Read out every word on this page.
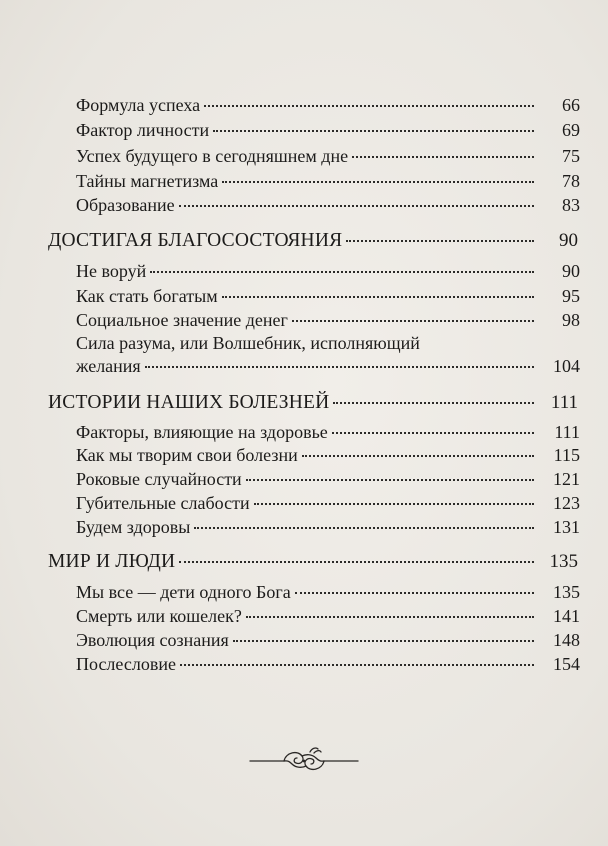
Формула успеха	66
Фактор личности	69
Успех будущего в сегодняшнем дне	75
Тайны магнетизма	78
Образование	83
ДОСТИГАЯ БЛАГОСОСТОЯНИЯ	90
Не воруй	90
Как стать богатым	95
Социальное значение денег	98
Сила разума, или Волшебник, исполняющий
желания	104
ИСТОРИИ НАШИХ БОЛЕЗНЕЙ	111
Факторы, влияющие на здоровье	111
Как мы творим свои болезни	115
Роковые случайности	121
Губительные слабости	123
Будем здоровы	131
МИР И ЛЮДИ	135
Мы все — дети одного Бога	135
Смерть или кошелек?	141
Эволюция сознания	148
Послесловие	154
